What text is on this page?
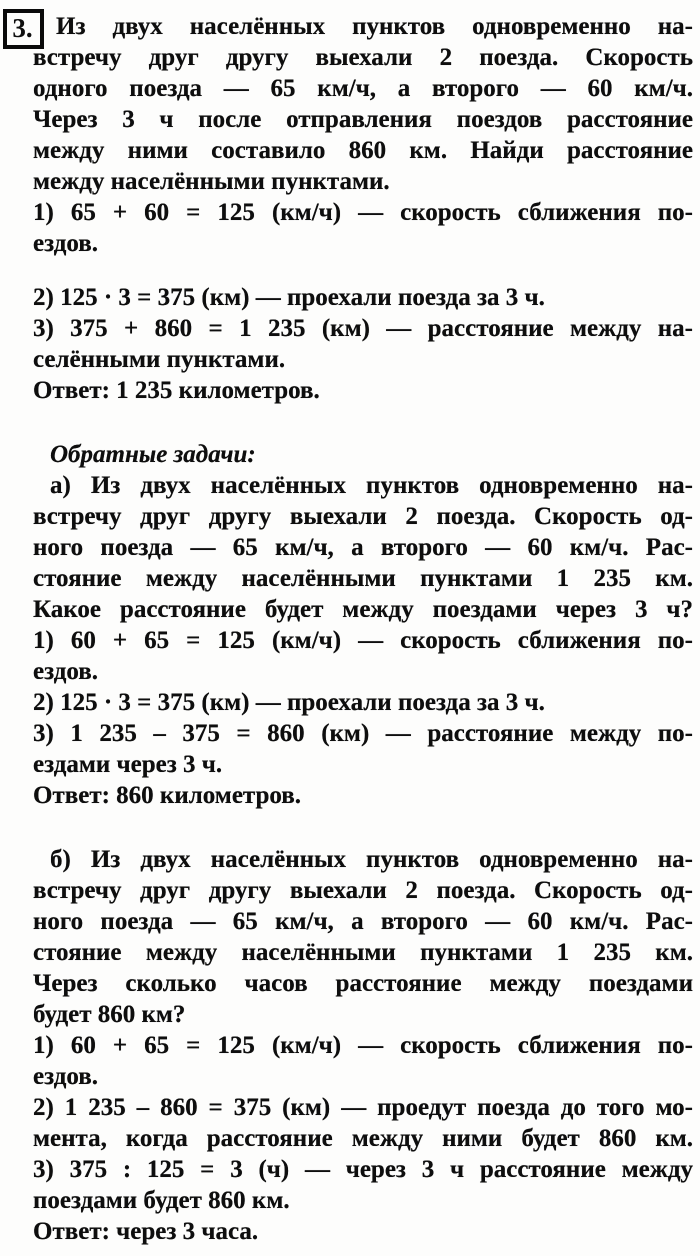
3. Из двух населённых пунктов одновременно на-
встречу друг другу выехали 2 поезда. Скорость
одного поезда — 65 км/ч, а второго — 60 км/ч.
Через 3 ч после отправления поездов расстояние
между ними составило 860 км. Найди расстояние
между населёнными пунктами.
1) 65 + 60 = 125 (км/ч) — скорость сближения по-
ездов.
2) 125 · 3 = 375 (км) — проехали поезда за 3 ч.
3) 375 + 860 = 1 235 (км) — расстояние между на-
селёнными пунктами.
Ответ: 1 235 километров.
Обратные задачи:
а) Из двух населённых пунктов одновременно на-
встречу друг другу выехали 2 поезда. Скорость од-
ного поезда — 65 км/ч, а второго — 60 км/ч. Рас-
стояние между населёнными пунктами 1 235 км.
Какое расстояние будет между поездами через 3 ч?
1) 60 + 65 = 125 (км/ч) — скорость сближения по-
ездов.
2) 125 · 3 = 375 (км) — проехали поезда за 3 ч.
3) 1 235 – 375 = 860 (км) — расстояние между по-
ездами через 3 ч.
Ответ: 860 километров.
б) Из двух населённых пунктов одновременно на-
встречу друг другу выехали 2 поезда. Скорость од-
ного поезда — 65 км/ч, а второго — 60 км/ч. Рас-
стояние между населёнными пунктами 1 235 км.
Через сколько часов расстояние между поездами
будет 860 км?
1) 60 + 65 = 125 (км/ч) — скорость сближения по-
ездов.
2) 1 235 – 860 = 375 (км) — проедут поезда до того мо-
мента, когда расстояние между ними будет 860 км.
3) 375 : 125 = 3 (ч) — через 3 ч расстояние между
поездами будет 860 км.
Ответ: через 3 часа.
